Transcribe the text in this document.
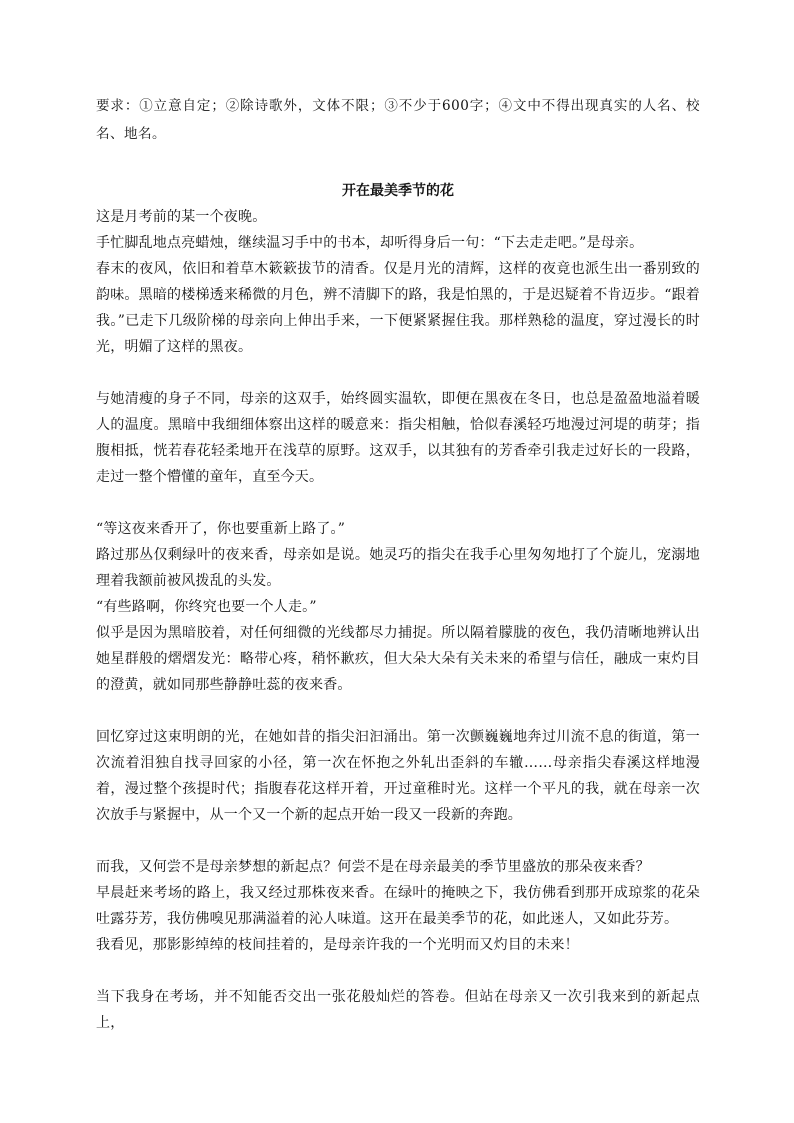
要求：①立意自定；②除诗歌外，文体不限；③不少于600字；④文中不得出现真实的人名、校名、地名。

开在最美季节的花

这是月考前的某一个夜晚。

手忙脚乱地点亮蜡烛，继续温习手中的书本，却听得身后一句：“下去走走吧。”是母亲。

春末的夜风，依旧和着草木簌簌拔节的清香。仅是月光的清辉，这样的夜竟也派生出一番别致的韵味。黑暗的楼梯透来稀微的月色，辨不清脚下的路，我是怕黑的，于是迟疑着不肯迈步。“跟着我。”已走下几级阶梯的母亲向上伸出手来，一下便紧紧握住我。那样熟稔的温度，穿过漫长的时光，明媚了这样的黑夜。

与她清瘦的身子不同，母亲的这双手，始终圆实温软，即便在黑夜在冬日，也总是盈盈地溢着暖人的温度。黑暗中我细细体察出这样的暖意来：指尖相触，恰似春溪轻巧地漫过河堤的萌芽；指腹相抵，恍若春花轻柔地开在浅草的原野。这双手，以其独有的芳香牵引我走过好长的一段路，走过一整个懵懂的童年，直至今天。

“等这夜来香开了，你也要重新上路了。”

路过那丛仅剩绿叶的夜来香，母亲如是说。她灵巧的指尖在我手心里匆匆地打了个旋儿，宠溺地理着我额前被风拨乱的头发。

“有些路啊，你终究也要一个人走。”

似乎是因为黑暗胶着，对任何细微的光线都尽力捕捉。所以隔着朦胧的夜色，我仍清晰地辨认出她星群般的熠熠发光：略带心疼，稍怀歉疚，但大朵大朵有关未来的希望与信任，融成一束灼目的澄黄，就如同那些静静吐蕊的夜来香。

回忆穿过这束明朗的光，在她如昔的指尖汩汩涌出。第一次颤巍巍地奔过川流不息的街道，第一次流着泪独自找寻回家的小径，第一次在怀抱之外轧出歪斜的车辙……母亲指尖春溪这样地漫着，漫过整个孩提时代；指腹春花这样开着，开过童稚时光。这样一个平凡的我，就在母亲一次次放手与紧握中，从一个又一个新的起点开始一段又一段新的奔跑。

而我，又何尝不是母亲梦想的新起点？何尝不是在母亲最美的季节里盛放的那朵夜来香？

早晨赶来考场的路上，我又经过那株夜来香。在绿叶的掩映之下，我仿佛看到那开成琼浆的花朵吐露芬芳，我仿佛嗅见那满溢着的沁人味道。这开在最美季节的花，如此迷人，又如此芬芳。

我看见，那影影绰绰的枝间挂着的，是母亲许我的一个光明而又灼目的未来！

当下我身在考场，并不知能否交出一张花般灿烂的答卷。但站在母亲又一次引我来到的新起点上，
